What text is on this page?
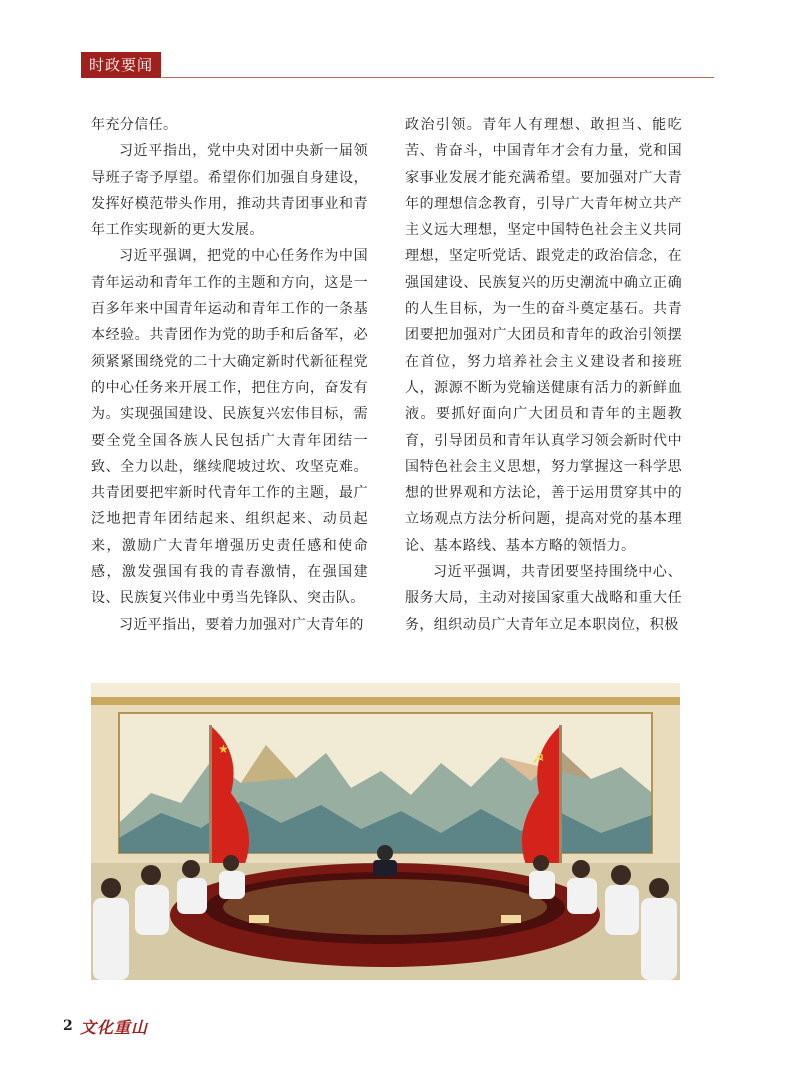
时政要闻

年充分信任。

习近平指出，党中央对团中央新一届领导班子寄予厚望。希望你们加强自身建设，发挥好模范带头作用，推动共青团事业和青年工作实现新的更大发展。

习近平强调，把党的中心任务作为中国青年运动和青年工作的主题和方向，这是一百多年来中国青年运动和青年工作的一条基本经验。共青团作为党的助手和后备军，必须紧紧围绕党的二十大确定新时代新征程党的中心任务来开展工作，把住方向，奋发有为。实现强国建设、民族复兴宏伟目标，需要全党全国各族人民包括广大青年团结一致、全力以赴，继续爬坡过坎、攻坚克难。共青团要把牢新时代青年工作的主题，最广泛地把青年团结起来、组织起来、动员起来，激励广大青年增强历史责任感和使命感，激发强国有我的青春激情，在强国建设、民族复兴伟业中勇当先锋队、突击队。

习近平指出，要着力加强对广大青年的

政治引领。青年人有理想、敢担当、能吃苦、肯奋斗，中国青年才会有力量，党和国家事业发展才能充满希望。要加强对广大青年的理想信念教育，引导广大青年树立共产主义远大理想，坚定中国特色社会主义共同理想，坚定听党话、跟党走的政治信念，在强国建设、民族复兴的历史潮流中确立正确的人生目标，为一生的奋斗奠定基石。共青团要把加强对广大团员和青年的政治引领摆在首位，努力培养社会主义建设者和接班人，源源不断为党输送健康有活力的新鲜血液。要抓好面向广大团员和青年的主题教育，引导团员和青年认真学习领会新时代中国特色社会主义思想，努力掌握这一科学思想的世界观和方法论，善于运用贯穿其中的立场观点方法分析问题，提高对党的基本理论、基本路线、基本方略的领悟力。

习近平强调，共青团要坚持围绕中心、服务大局，主动对接国家重大战略和重大任务，组织动员广大青年立足本职岗位，积极

★
☭
2 文化重山
